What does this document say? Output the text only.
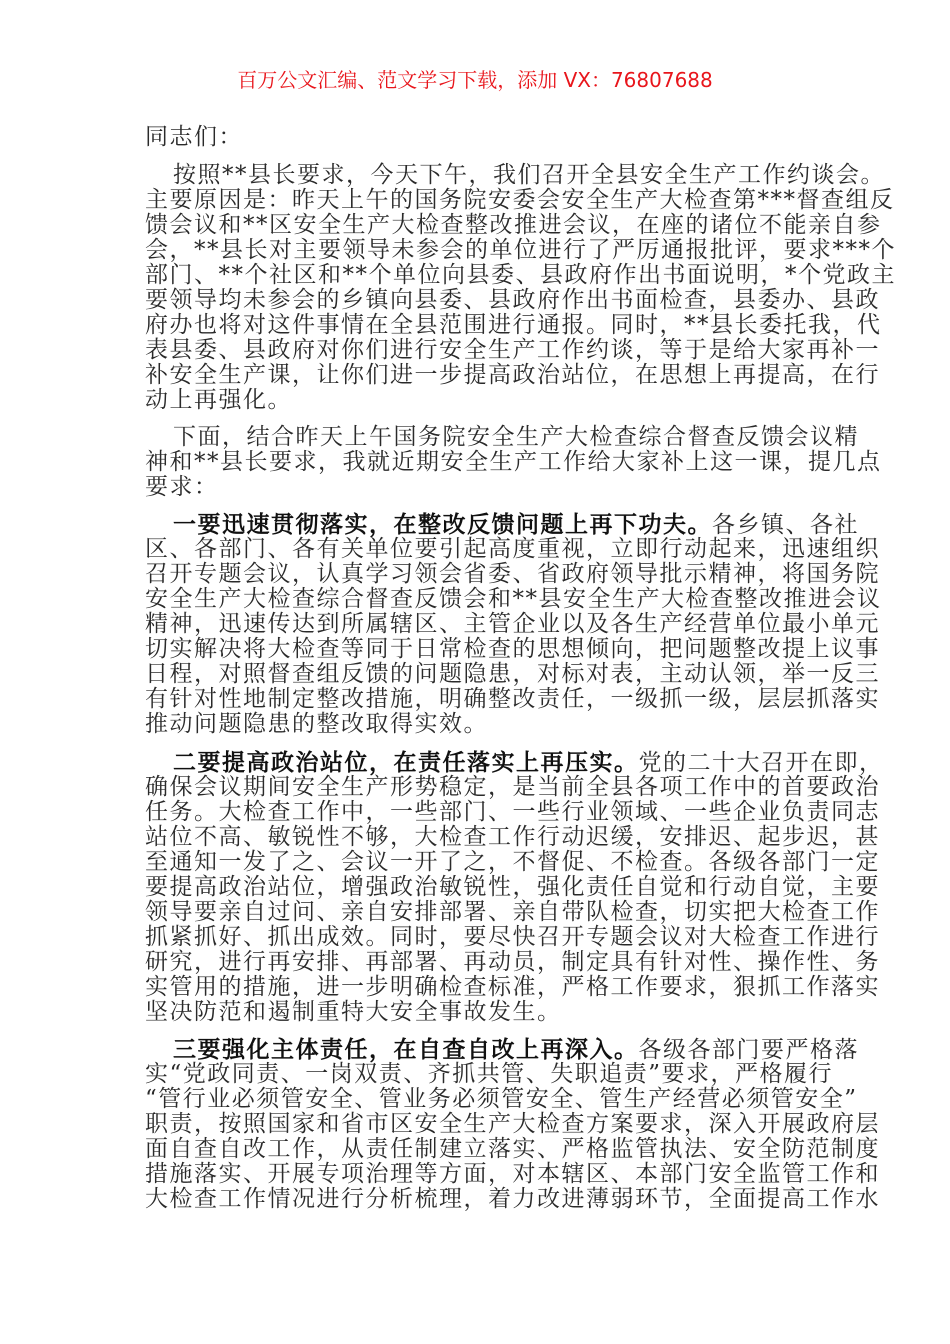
百万公文汇编、范文学习下载，添加 VX：76807688
同志们：
按照**县长要求，今天下午，我们召开全县安全生产工作约谈会。
主要原因是：昨天上午的国务院安委会安全生产大检查第***督查组反
馈会议和**区安全生产大检查整改推进会议，在座的诸位不能亲自参
会，**县长对主要领导未参会的单位进行了严厉通报批评，要求***个
部门、**个社区和**个单位向县委、县政府作出书面说明，*个党政主
要领导均未参会的乡镇向县委、县政府作出书面检查，县委办、县政
府办也将对这件事情在全县范围进行通报。同时，**县长委托我，代
表县委、县政府对你们进行安全生产工作约谈，等于是给大家再补一
补安全生产课，让你们进一步提高政治站位，在思想上再提高，在行
动上再强化。
下面，结合昨天上午国务院安全生产大检查综合督查反馈会议精
神和**县长要求，我就近期安全生产工作给大家补上这一课，提几点
要求：
一要迅速贯彻落实，在整改反馈问题上再下功夫。各乡镇、各社
区、各部门、各有关单位要引起高度重视，立即行动起来，迅速组织
召开专题会议，认真学习领会省委、省政府领导批示精神，将国务院
安全生产大检查综合督查反馈会和**县安全生产大检查整改推进会议
精神，迅速传达到所属辖区、主管企业以及各生产经营单位最小单元
切实解决将大检查等同于日常检查的思想倾向，把问题整改提上议事
日程，对照督查组反馈的问题隐患，对标对表，主动认领，举一反三
有针对性地制定整改措施，明确整改责任，一级抓一级，层层抓落实
推动问题隐患的整改取得实效。
二要提高政治站位，在责任落实上再压实。党的二十大召开在即，
确保会议期间安全生产形势稳定，是当前全县各项工作中的首要政治
任务。大检查工作中，一些部门、一些行业领域、一些企业负责同志
站位不高、敏锐性不够，大检查工作行动迟缓，安排迟、起步迟，甚
至通知一发了之、会议一开了之，不督促、不检查。各级各部门一定
要提高政治站位，增强政治敏锐性，强化责任自觉和行动自觉，主要
领导要亲自过问、亲自安排部署、亲自带队检查，切实把大检查工作
抓紧抓好、抓出成效。同时，要尽快召开专题会议对大检查工作进行
研究，进行再安排、再部署、再动员，制定具有针对性、操作性、务
实管用的措施，进一步明确检查标准，严格工作要求，狠抓工作落实
坚决防范和遏制重特大安全事故发生。
三要强化主体责任，在自查自改上再深入。各级各部门要严格落
实“党政同责、一岗双责、齐抓共管、失职追责”要求，严格履行
“管行业必须管安全、管业务必须管安全、管生产经营必须管安全”
职责，按照国家和省市区安全生产大检查方案要求，深入开展政府层
面自查自改工作，从责任制建立落实、严格监管执法、安全防范制度
措施落实、开展专项治理等方面，对本辖区、本部门安全监管工作和
大检查工作情况进行分析梳理，着力改进薄弱环节，全面提高工作水
